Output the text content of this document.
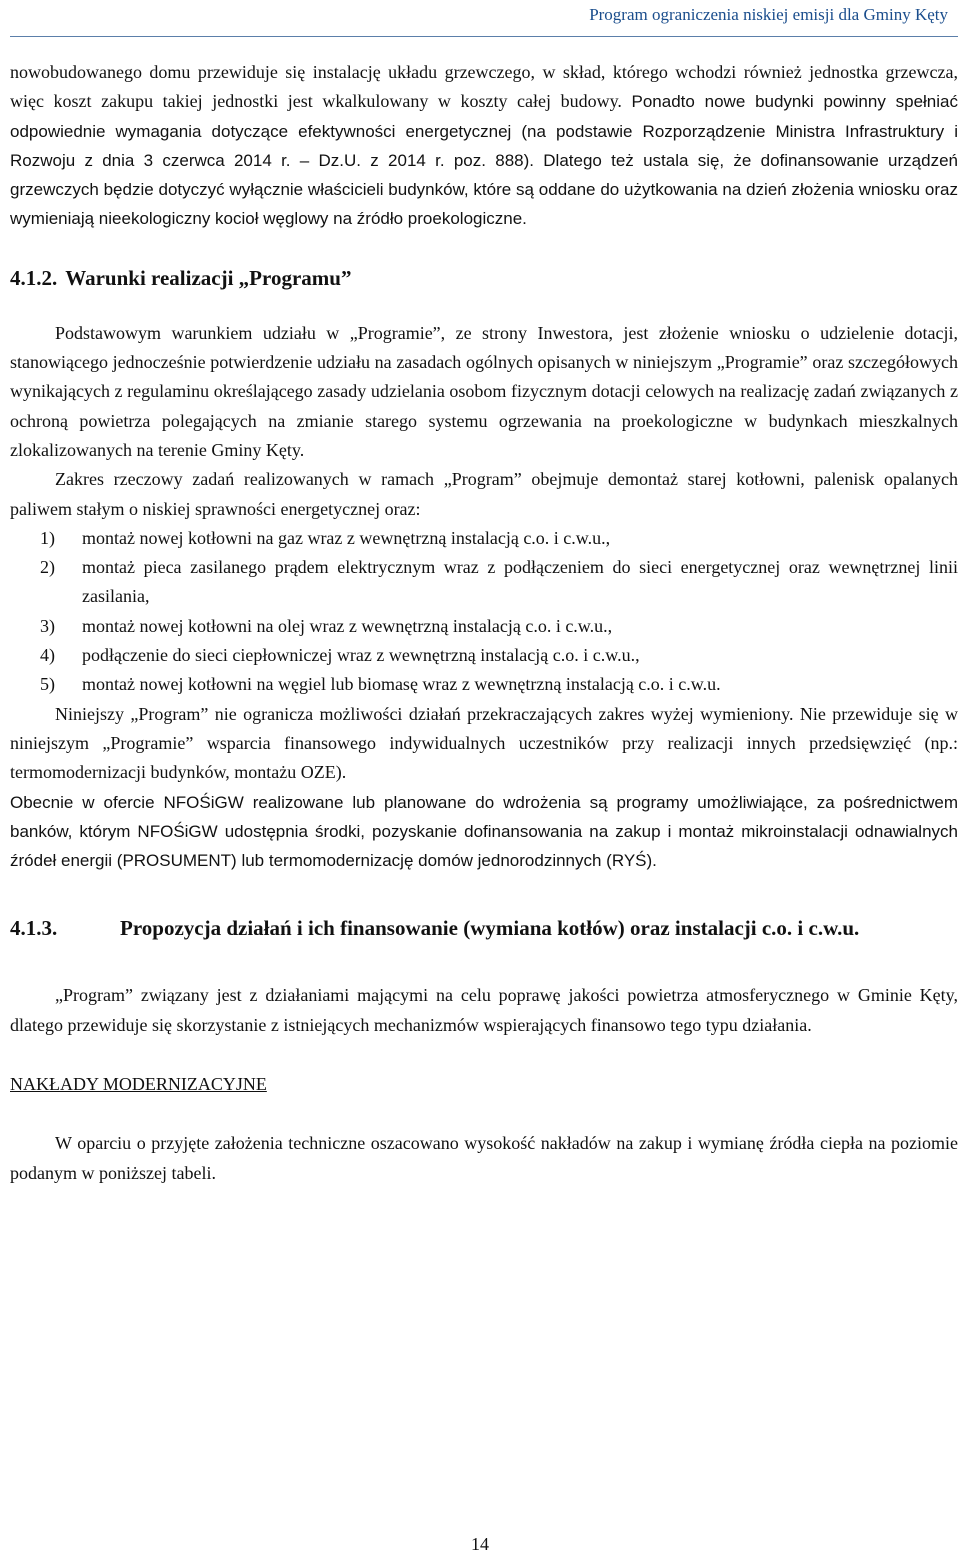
Program ograniczenia niskiej emisji dla Gminy Kęty

nowobudowanego domu przewiduje się instalację układu grzewczego, w skład, którego wchodzi również jednostka grzewcza, więc koszt zakupu takiej jednostki jest wkalkulowany w koszty całej budowy. Ponadto nowe budynki powinny spełniać odpowiednie wymagania dotyczące efektywności energetycznej (na podstawie Rozporządzenie Ministra Infrastruktury i Rozwoju z dnia 3 czerwca 2014 r. – Dz.U. z 2014 r. poz. 888). Dlatego też ustala się, że dofinansowanie urządzeń grzewczych będzie dotyczyć wyłącznie właścicieli budynków, które są oddane do użytkowania na dzień złożenia wniosku oraz wymieniają nieekologiczny kocioł węglowy na źródło proekologiczne.

4.1.2. Warunki realizacji „Programu”

Podstawowym warunkiem udziału w „Programie”, ze strony Inwestora, jest złożenie wniosku o udzielenie dotacji, stanowiącego jednocześnie potwierdzenie udziału na zasadach ogólnych opisanych w niniejszym „Programie” oraz szczegółowych wynikających z regulaminu określającego zasady udzielania osobom fizycznym dotacji celowych na realizację zadań związanych z ochroną powietrza polegających na zmianie starego systemu ogrzewania na proekologiczne w budynkach mieszkalnych zlokalizowanych na terenie Gminy Kęty.

Zakres rzeczowy zadań realizowanych w ramach „Program” obejmuje demontaż starej kotłowni, palenisk opalanych paliwem stałym o niskiej sprawności energetycznej oraz:

1)	montaż nowej kotłowni na gaz wraz z wewnętrzną instalacją c.o. i c.w.u.,
2)	montaż pieca zasilanego prądem elektrycznym wraz z podłączeniem do sieci energetycznej oraz wewnętrznej linii zasilania,
3)	montaż nowej kotłowni na olej wraz z wewnętrzną instalacją c.o. i c.w.u.,
4)	podłączenie do sieci ciepłowniczej wraz z wewnętrzną instalacją c.o. i c.w.u.,
5)	montaż nowej kotłowni na węgiel lub biomasę wraz z wewnętrzną instalacją c.o. i c.w.u.

Niniejszy „Program” nie ogranicza możliwości działań przekraczających zakres wyżej wymieniony. Nie przewiduje się w niniejszym „Programie” wsparcia finansowego indywidualnych uczestników przy realizacji innych przedsięwzięć (np.: termomodernizacji budynków, montażu OZE).

Obecnie w ofercie NFOŚiGW realizowane lub planowane do wdrożenia są programy umożliwiające, za pośrednictwem banków, którym NFOŚiGW udostępnia środki, pozyskanie dofinansowania na zakup i montaż mikroinstalacji odnawialnych źródeł energii (PROSUMENT) lub termomodernizację domów jednorodzinnych (RYŚ).

4.1.3.	Propozycja działań i ich finansowanie (wymiana kotłów) oraz instalacji c.o. i c.w.u.

„Program” związany jest z działaniami mającymi na celu poprawę jakości powietrza atmosferycznego w Gminie Kęty, dlatego przewiduje się skorzystanie z istniejących mechanizmów wspierających finansowo tego typu działania.

NAKŁADY MODERNIZACYJNE

W oparciu o przyjęte założenia techniczne oszacowano wysokość nakładów na zakup i wymianę źródła ciepła na poziomie podanym w poniższej tabeli.

14
